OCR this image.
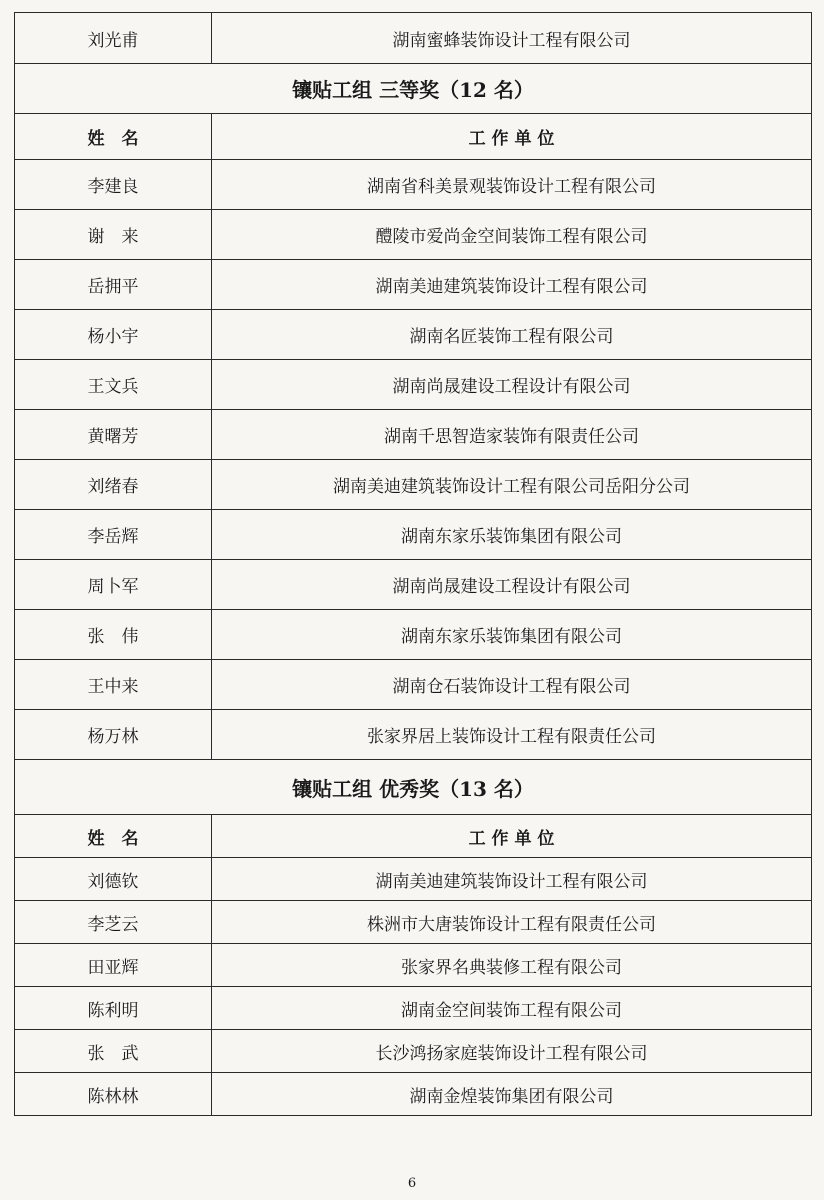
刘光甫	湖南蜜蜂装饰设计工程有限公司
镶贴工组 三等奖（12 名）
姓　名	工 作 单 位
李建良	湖南省科美景观装饰设计工程有限公司
谢　来	醴陵市爱尚金空间装饰工程有限公司
岳拥平	湖南美迪建筑装饰设计工程有限公司
杨小宇	湖南名匠装饰工程有限公司
王文兵	湖南尚晟建设工程设计有限公司
黄曙芳	湖南千思智造家装饰有限责任公司
刘绪春	湖南美迪建筑装饰设计工程有限公司岳阳分公司
李岳辉	湖南东家乐装饰集团有限公司
周卜军	湖南尚晟建设工程设计有限公司
张　伟	湖南东家乐装饰集团有限公司
王中来	湖南仓石装饰设计工程有限公司
杨万林	张家界居上装饰设计工程有限责任公司
镶贴工组 优秀奖（13 名）
姓　名	工 作 单 位
刘德钦	湖南美迪建筑装饰设计工程有限公司
李芝云	株洲市大唐装饰设计工程有限责任公司
田亚辉	张家界名典装修工程有限公司
陈利明	湖南金空间装饰工程有限公司
张　武	长沙鸿扬家庭装饰设计工程有限公司
陈林林	湖南金煌装饰集团有限公司
6
